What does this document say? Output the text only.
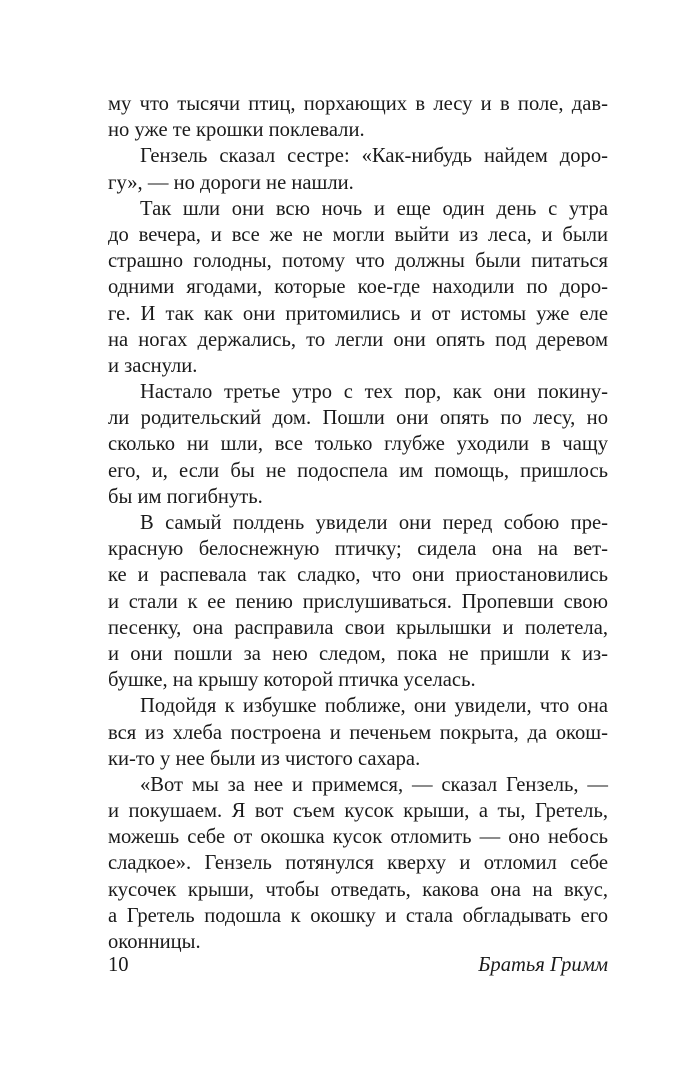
му что тысячи птиц, порхающих в лесу и в поле, дав-
но уже те крошки поклевали.
Гензель сказал сестре: «Как-нибудь найдем доро-
гу», — но дороги не нашли.
Так шли они всю ночь и еще один день с утра
до вечера, и все же не могли выйти из леса, и были
страшно голодны, потому что должны были питаться
одними ягодами, которые кое-где находили по доро-
ге. И так как они притомились и от истомы уже еле
на ногах держались, то легли они опять под деревом
и заснули.
Настало третье утро с тех пор, как они покину-
ли родительский дом. Пошли они опять по лесу, но
сколько ни шли, все только глубже уходили в чащу
его, и, если бы не подоспела им помощь, пришлось
бы им погибнуть.
В самый полдень увидели они перед собою пре-
красную белоснежную птичку; сидела она на вет-
ке и распевала так сладко, что они приостановились
и стали к ее пению прислушиваться. Пропевши свою
песенку, она расправила свои крылышки и полетела,
и они пошли за нею следом, пока не пришли к из-
бушке, на крышу которой птичка уселась.
Подойдя к избушке поближе, они увидели, что она
вся из хлеба построена и печеньем покрыта, да окош-
ки-то у нее были из чистого сахара.
«Вот мы за нее и примемся, — сказал Гензель, —
и покушаем. Я вот съем кусок крыши, а ты, Гретель,
можешь себе от окошка кусок отломить — оно небось
сладкое». Гензель потянулся кверху и отломил себе
кусочек крыши, чтобы отведать, какова она на вкус,
а Гретель подошла к окошку и стала обгладывать его
оконницы.
10	Братья Гримм
